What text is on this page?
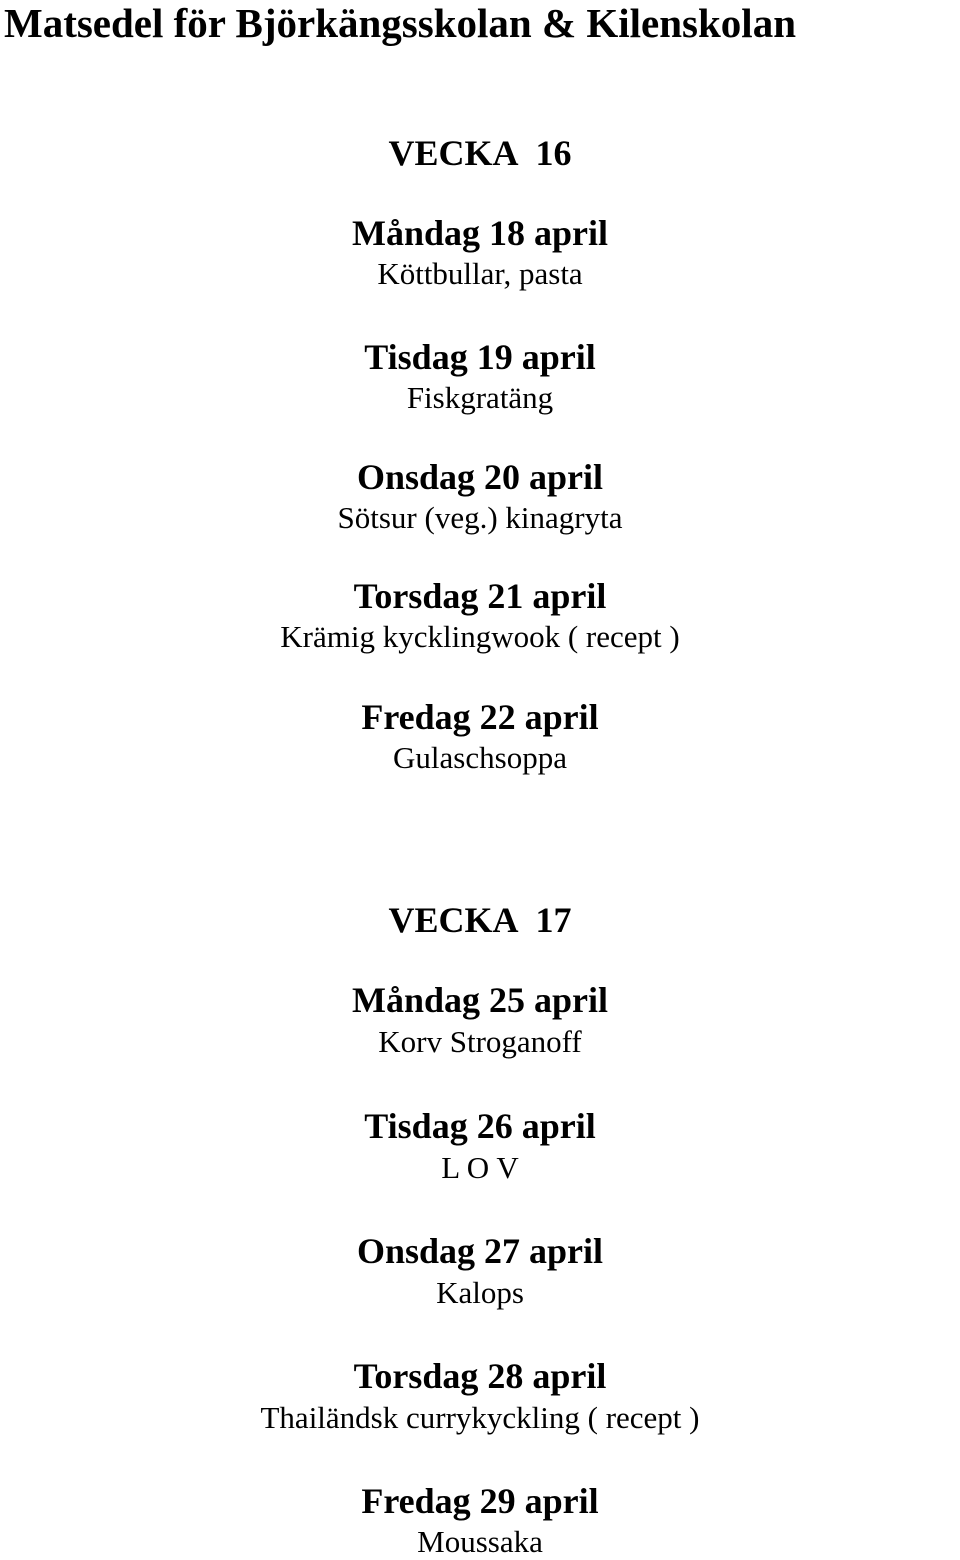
Matsedel för Björkängsskolan & Kilenskolan
VECKA 16
Måndag 18 april
Köttbullar, pasta
Tisdag 19 april
Fiskgratäng
Onsdag 20 april
Sötsur (veg.) kinagryta
Torsdag 21 april
Krämig kycklingwook ( recept )
Fredag 22 april
Gulaschsoppa
VECKA 17
Måndag 25 april
Korv Stroganoff
Tisdag 26 april
L O V
Onsdag 27 april
Kalops
Torsdag 28 april
Thailändsk currykyckling ( recept )
Fredag 29 april
Moussaka
